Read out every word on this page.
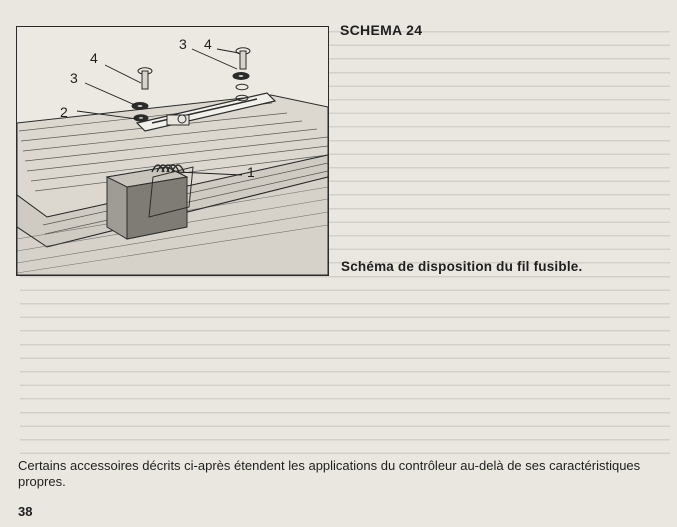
4
3
2
3 4
1
SCHEMA 24
Schéma de disposition du fil fusible.

Certains accessoires décrits ci-après étendent les applications du contrôleur au-delà de ses caractéristiques propres.

38
